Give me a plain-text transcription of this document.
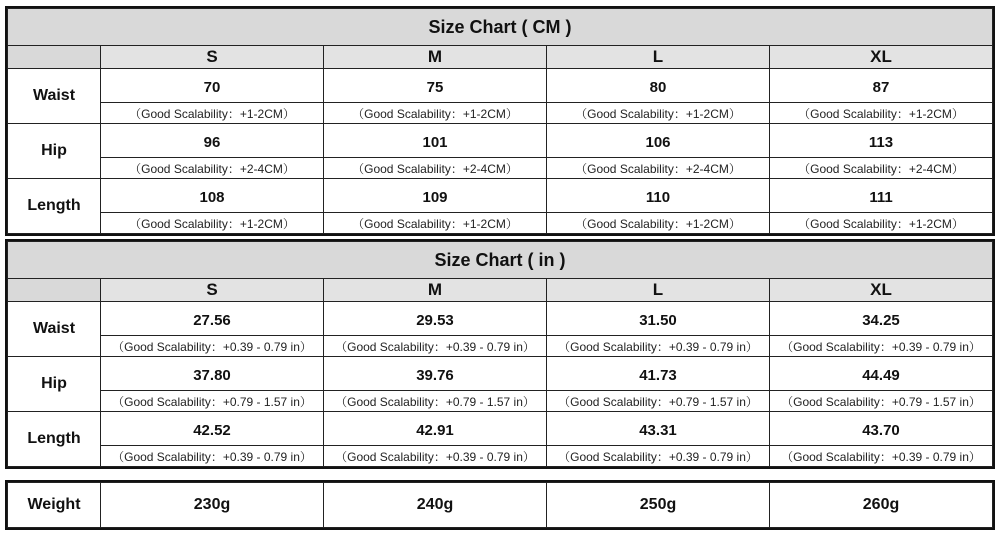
Size Chart ( CM )				
	S	M	L	XL
Waist	70	75	80	87
	（Good Scalability：+1-2CM）	（Good Scalability：+1-2CM）	（Good Scalability：+1-2CM）	（Good Scalability：+1-2CM）
Hip	96	101	106	113
	（Good Scalability：+2-4CM）	（Good Scalability：+2-4CM）	（Good Scalability：+2-4CM）	（Good Scalability：+2-4CM）
Length	108	109	110	111
	（Good Scalability：+1-2CM）	（Good Scalability：+1-2CM）	（Good Scalability：+1-2CM）	（Good Scalability：+1-2CM）
Size Chart ( in )				
	S	M	L	XL
Waist	27.56	29.53	31.50	34.25
	（Good Scalability：+0.39 - 0.79 in）	（Good Scalability：+0.39 - 0.79 in）	（Good Scalability：+0.39 - 0.79 in）	（Good Scalability：+0.39 - 0.79 in）
Hip	37.80	39.76	41.73	44.49
	（Good Scalability：+0.79 - 1.57 in）	（Good Scalability：+0.79 - 1.57 in）	（Good Scalability：+0.79 - 1.57 in）	（Good Scalability：+0.79 - 1.57 in）
Length	42.52	42.91	43.31	43.70
	（Good Scalability：+0.39 - 0.79 in）	（Good Scalability：+0.39 - 0.79 in）	（Good Scalability：+0.39 - 0.79 in）	（Good Scalability：+0.39 - 0.79 in）
Weight	230g	240g	250g	260g
